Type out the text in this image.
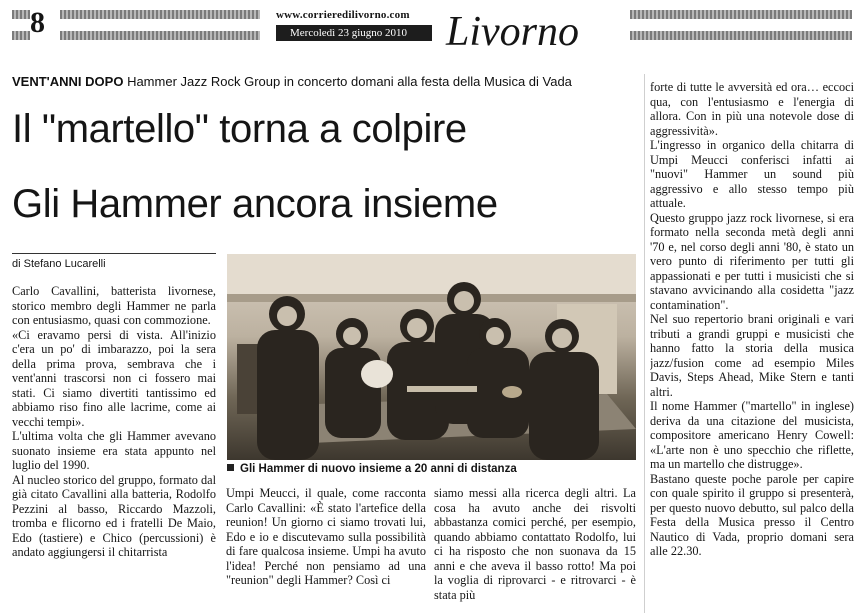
8	www.corrieredilivorno.com
Mercoledì 23 giugno 2010 Livorno
VENT'ANNI DOPO Hammer Jazz Rock Group in concerto domani alla festa della Musica di Vada
Il "martello" torna a colpire
Gli Hammer ancora insieme
di Stefano Lucarelli

Carlo Cavallini, batterista livornese, storico membro degli Hammer ne parla con entusiasmo, quasi con commozione.

«Ci eravamo persi di vista. All'inizio c'era un po' di imbarazzo, poi la sera della prima prova, sembrava che i vent'anni trascorsi non ci fossero mai stati. Ci siamo divertiti tantissimo ed abbiamo riso fino alle lacrime, come ai vecchi tempi».

L'ultima volta che gli Hammer avevano suonato insieme era stata appunto nel luglio del 1990.

Al nucleo storico del gruppo, formato dal già citato Cavallini alla batteria, Rodolfo Pezzini al basso, Riccardo Mazzoli, tromba e flicorno ed i fratelli De Maio, Edo (tastiere) e Chico (percussioni) è andato aggiungersi il chitarrista

Gli Hammer di nuovo insieme a 20 anni di distanza

Umpi Meucci, il quale, come racconta Carlo Cavallini: «È stato l'artefice della reunion! Un giorno ci siamo trovati lui, Edo e io e discutevamo sulla possibilità di fare qualcosa insieme. Umpi ha avuto l'idea! Perché non pensiamo ad una "reunion" degli Hammer? Così ci

siamo messi alla ricerca degli altri. La cosa ha avuto anche dei risvolti abbastanza comici perché, per esempio, quando abbiamo contattato Rodolfo, lui ci ha risposto che non suonava da 15 anni e che aveva il basso rotto! Ma poi la voglia di riprovarci - e ritrovarci - è stata più

forte di tutte le avversità ed ora… eccoci qua, con l'entusiasmo e l'energia di allora. Con in più una notevole dose di aggressività».

L'ingresso in organico della chitarra di Umpi Meucci conferisci infatti ai "nuovi" Hammer un sound più aggressivo e allo stesso tempo più attuale.

Questo gruppo jazz rock livornese, si era formato nella seconda metà degli anni '70 e, nel corso degli anni '80, è stato un vero punto di riferimento per tutti gli appassionati e per tutti i musicisti che si stavano avvicinando alla cosidetta "jazz contamination".

Nel suo repertorio brani originali e vari tributi a grandi gruppi e musicisti che hanno fatto la storia della musica jazz/fusion come ad esempio Miles Davis, Steps Ahead, Mike Stern e tanti altri.

Il nome Hammer ("martello" in inglese) deriva da una citazione del musicista, compositore americano Henry Cowell: «L'arte non è uno specchio che riflette, ma un martello che distrugge».

Bastano queste poche parole per capire con quale spirito il gruppo si presenterà, per questo nuovo debutto, sul palco della Festa della Musica presso il Centro Nautico di Vada, proprio domani sera alle 22.30.
